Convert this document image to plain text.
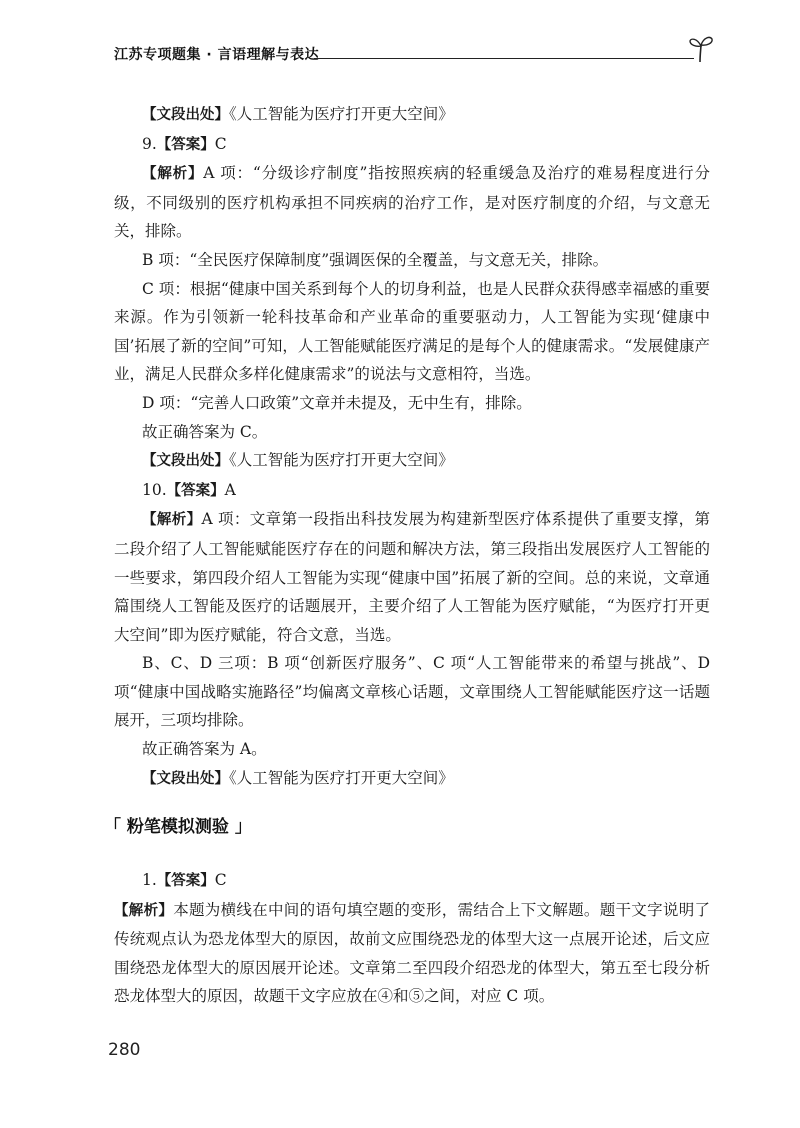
江苏专项题集 · 言语理解与表达

【文段出处】《人工智能为医疗打开更大空间》

9.【答案】C

【解析】A 项：“分级诊疗制度”指按照疾病的轻重缓急及治疗的难易程度进行分级，不同级别的医疗机构承担不同疾病的治疗工作，是对医疗制度的介绍，与文意无关，排除。

B 项：“全民医疗保障制度”强调医保的全覆盖，与文意无关，排除。

C 项：根据“健康中国关系到每个人的切身利益，也是人民群众获得感幸福感的重要来源。作为引领新一轮科技革命和产业革命的重要驱动力，人工智能为实现‘健康中国’拓展了新的空间”可知，人工智能赋能医疗满足的是每个人的健康需求。“发展健康产业，满足人民群众多样化健康需求”的说法与文意相符，当选。

D 项：“完善人口政策”文章并未提及，无中生有，排除。

故正确答案为 C。

【文段出处】《人工智能为医疗打开更大空间》

10.【答案】A

【解析】A 项：文章第一段指出科技发展为构建新型医疗体系提供了重要支撑，第二段介绍了人工智能赋能医疗存在的问题和解决方法，第三段指出发展医疗人工智能的一些要求，第四段介绍人工智能为实现“健康中国”拓展了新的空间。总的来说，文章通篇围绕人工智能及医疗的话题展开，主要介绍了人工智能为医疗赋能，“为医疗打开更大空间”即为医疗赋能，符合文意，当选。

B、C、D 三项：B 项“创新医疗服务”、C 项“人工智能带来的希望与挑战”、D 项“健康中国战略实施路径”均偏离文章核心话题，文章围绕人工智能赋能医疗这一话题展开，三项均排除。

故正确答案为 A。

【文段出处】《人工智能为医疗打开更大空间》

「 粉笔模拟测验 」

1.【答案】C

【解析】本题为横线在中间的语句填空题的变形，需结合上下文解题。题干文字说明了传统观点认为恐龙体型大的原因，故前文应围绕恐龙的体型大这一点展开论述，后文应围绕恐龙体型大的原因展开论述。文章第二至四段介绍恐龙的体型大，第五至七段分析恐龙体型大的原因，故题干文字应放在④和⑤之间，对应 C 项。

280
